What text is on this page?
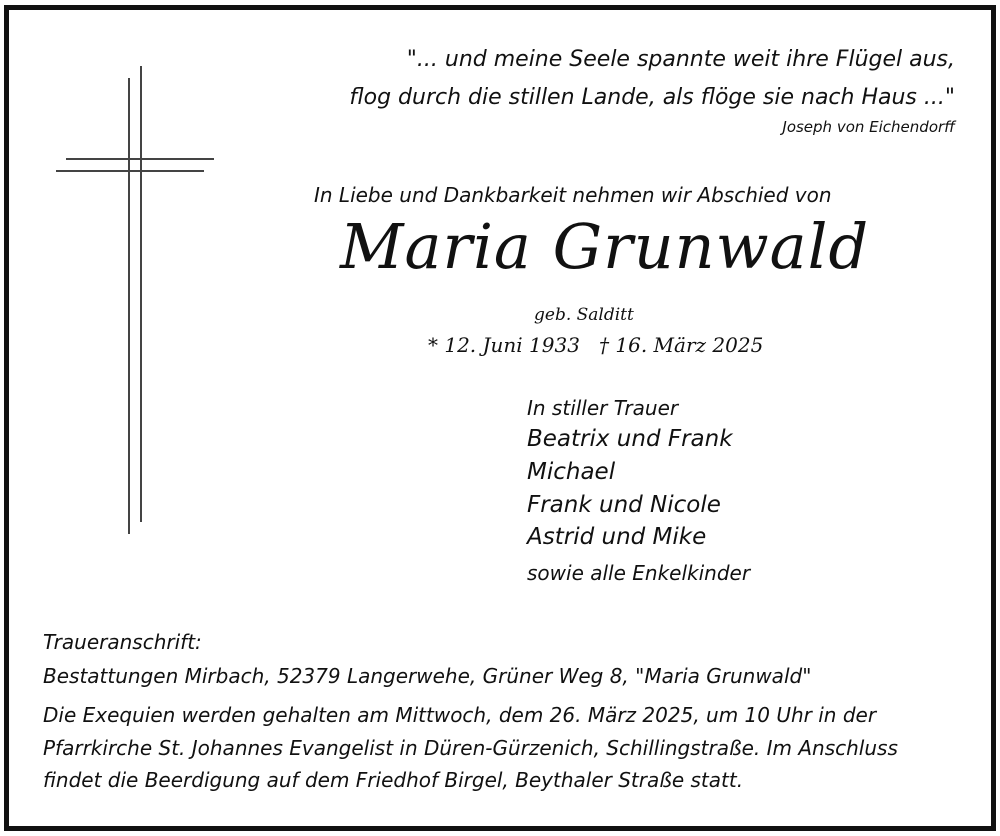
"... und meine Seele spannte weit ihre Flügel aus,
flog durch die stillen Lande, als flöge sie nach Haus ..."
Joseph von Eichendorff
In Liebe und Dankbarkeit nehmen wir Abschied von
Maria Grunwald
geb. Salditt
* 12. Juni 1933   † 16. März 2025
In stiller Trauer
Beatrix und Frank
Michael
Frank und Nicole
Astrid und Mike
sowie alle Enkelkinder
Traueranschrift:
Bestattungen Mirbach, 52379 Langerwehe, Grüner Weg 8, "Maria Grunwald"
Die Exequien werden gehalten am Mittwoch, dem 26. März 2025, um 10 Uhr in der
Pfarrkirche St. Johannes Evangelist in Düren-Gürzenich, Schillingstraße. Im Anschluss
findet die Beerdigung auf dem Friedhof Birgel, Beythaler Straße statt.
